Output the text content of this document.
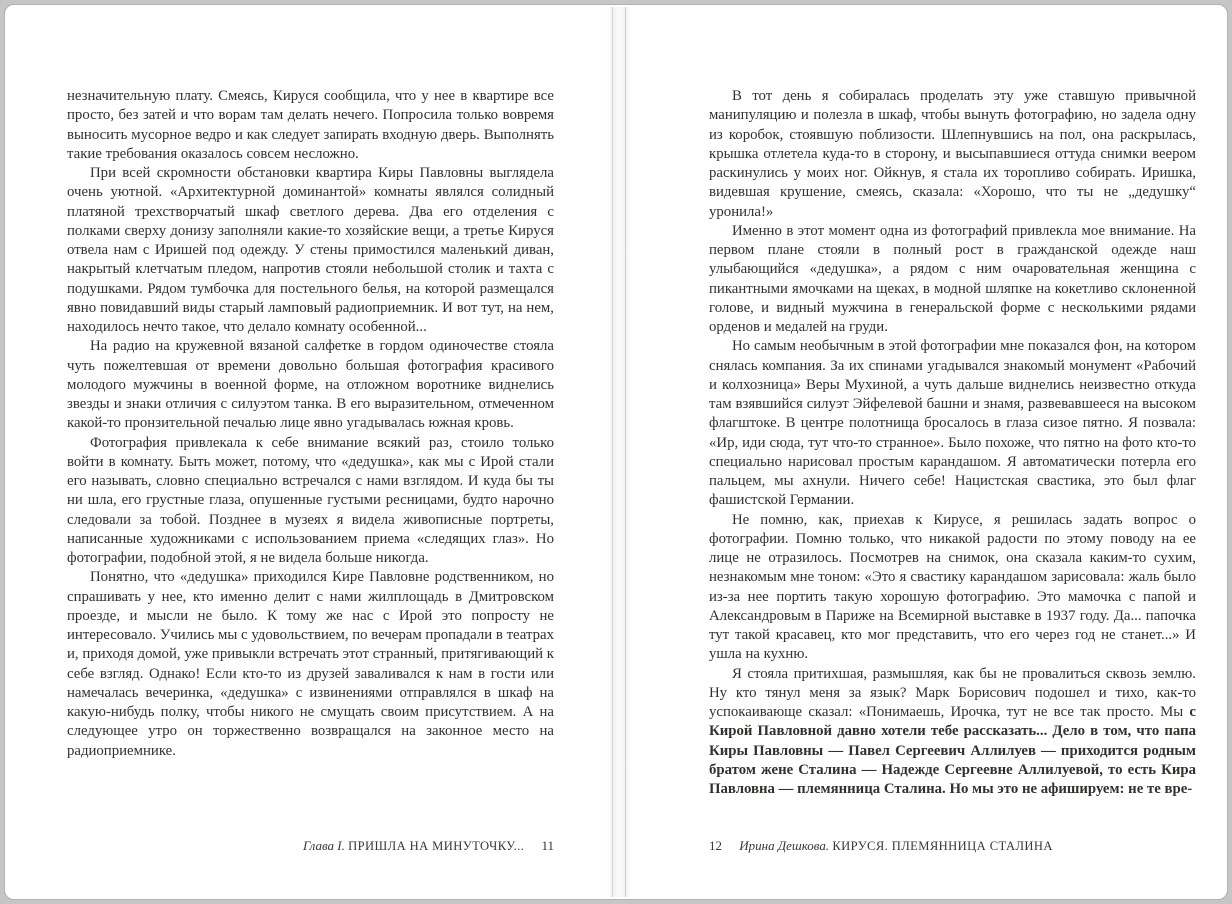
незначительную плату. Смеясь, Кируся сообщила, что у нее в квартире все просто, без затей и что ворам там делать нечего. Попросила только вовремя выносить мусорное ведро и как следует запирать входную дверь. Выполнять такие требования оказалось совсем несложно.

При всей скромности обстановки квартира Киры Павловны выглядела очень уютной. «Архитектурной доминантой» комнаты являлся солидный платяной трехстворчатый шкаф светлого дерева. Два его отделения с полками сверху донизу заполняли какие-то хозяйские вещи, а третье Кируся отвела нам с Иришей под одежду. У стены примостился маленький диван, накрытый клетчатым пледом, напротив стояли небольшой столик и тахта с подушками. Рядом тумбочка для постельного белья, на которой размещался явно повидавший виды старый ламповый радиоприемник. И вот тут, на нем, находилось нечто такое, что делало комнату особенной...

На радио на кружевной вязаной салфетке в гордом одиночестве стояла чуть пожелтевшая от времени довольно большая фотография красивого молодого мужчины в военной форме, на отложном воротнике виднелись звезды и знаки отличия с силуэтом танка. В его выразительном, отмеченном какой-то пронзительной печалью лице явно угадывалась южная кровь.

Фотография привлекала к себе внимание всякий раз, стоило только войти в комнату. Быть может, потому, что «дедушка», как мы с Ирой стали его называть, словно специально встречался с нами взглядом. И куда бы ты ни шла, его грустные глаза, опушенные густыми ресницами, будто нарочно следовали за тобой. Позднее в музеях я видела живописные портреты, написанные художниками с использованием приема «следящих глаз». Но фотографии, подобной этой, я не видела больше никогда.

Понятно, что «дедушка» приходился Кире Павловне родственником, но спрашивать у нее, кто именно делит с нами жилплощадь в Дмитровском проезде, и мысли не было. К тому же нас с Ирой это попросту не интересовало. Учились мы с удовольствием, по вечерам пропадали в театрах и, приходя домой, уже привыкли встречать этот странный, притягивающий к себе взгляд. Однако! Если кто-то из друзей заваливался к нам в гости или намечалась вечеринка, «дедушка» с извинениями отправлялся в шкаф на какую-нибудь полку, чтобы никого не смущать своим присутствием. А на следующее утро он торжественно возвращался на законное место на радиоприемнике.

Глава I. ПРИШЛА НА МИНУТОЧКУ... 11

В тот день я собиралась проделать эту уже ставшую привычной манипуляцию и полезла в шкаф, чтобы вынуть фотографию, но задела одну из коробок, стоявшую поблизости. Шлепнувшись на пол, она раскрылась, крышка отлетела куда-то в сторону, и высыпавшиеся оттуда снимки веером раскинулись у моих ног. Ойкнув, я стала их торопливо собирать. Иришка, видевшая крушение, смеясь, сказала: «Хорошо, что ты не „дедушку“ уронила!»

Именно в этот момент одна из фотографий привлекла мое внимание. На первом плане стояли в полный рост в гражданской одежде наш улыбающийся «дедушка», а рядом с ним очаровательная женщина с пикантными ямочками на щеках, в модной шляпке на кокетливо склоненной голове, и видный мужчина в генеральской форме с несколькими рядами орденов и медалей на груди.

Но самым необычным в этой фотографии мне показался фон, на котором снялась компания. За их спинами угадывался знакомый монумент «Рабочий и колхозница» Веры Мухиной, а чуть дальше виднелись неизвестно откуда там взявшийся силуэт Эйфелевой башни и знамя, развевавшееся на высоком флагштоке. В центре полотнища бросалось в глаза сизое пятно. Я позвала: «Ир, иди сюда, тут что-то странное». Было похоже, что пятно на фото кто-то специально нарисовал простым карандашом. Я автоматически потерла его пальцем, мы ахнули. Ничего себе! Нацистская свастика, это был флаг фашистской Германии.

Не помню, как, приехав к Кирусе, я решилась задать вопрос о фотографии. Помню только, что никакой радости по этому поводу на ее лице не отразилось. Посмотрев на снимок, она сказала каким-то сухим, незнакомым мне тоном: «Это я свастику карандашом зарисовала: жаль было из-за нее портить такую хорошую фотографию. Это мамочка с папой и Александровым в Париже на Всемирной выставке в 1937 году. Да... папочка тут такой красавец, кто мог представить, что его через год не станет...» И ушла на кухню.

Я стояла притихшая, размышляя, как бы не провалиться сквозь землю. Ну кто тянул меня за язык? Марк Борисович подошел и тихо, как-то успокаивающе сказал: «Понимаешь, Ирочка, тут не все так просто. Мы с Кирой Павловной давно хотели тебе рассказать... Дело в том, что папа Киры Павловны — Павел Сергеевич Аллилуев — приходится родным братом жене Сталина — Надежде Сергеевне Аллилуевой, то есть Кира Павловна — племянница Сталина. Но мы это не афишируем: не те вре-

12 Ирина Дешкова. КИРУСЯ. ПЛЕМЯННИЦА СТАЛИНА
